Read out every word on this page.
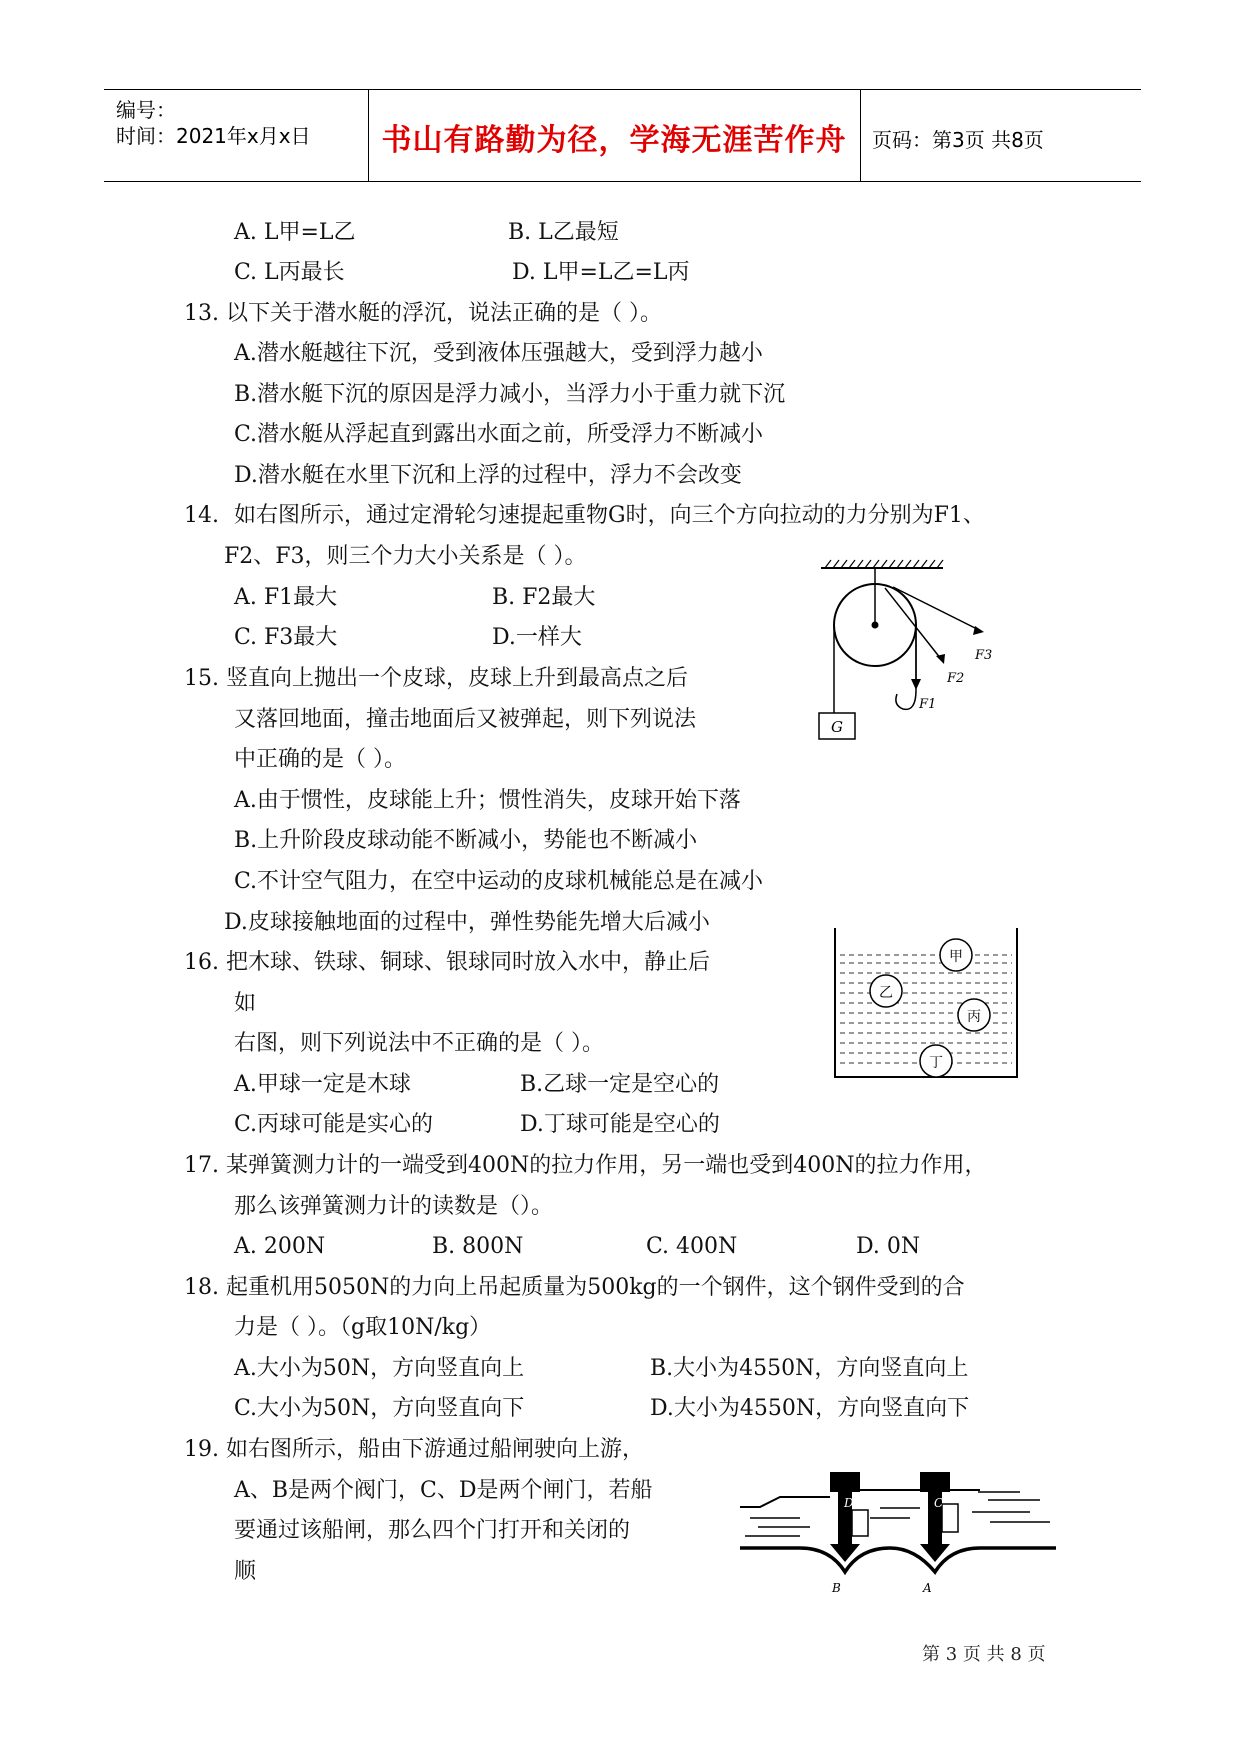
编号：
时间：2021年x月x日	书山有路勤为径，学海无涯苦作舟	页码：第3页 共8页
A. L甲=L乙	B. L乙最短
C. L丙最长	D. L甲=L乙=L丙
13. 以下关于潜水艇的浮沉，说法正确的是（ ）。
A.潜水艇越往下沉，受到液体压强越大，受到浮力越小
B.潜水艇下沉的原因是浮力减小，当浮力小于重力就下沉
C.潜水艇从浮起直到露出水面之前，所受浮力不断减小
D.潜水艇在水里下沉和上浮的过程中，浮力不会改变
14. 如右图所示，通过定滑轮匀速提起重物G时，向三个方向拉动的力分别为F1、
F2、F3，则三个力大小关系是（ ）。
A. F1最大	B. F2最大
C. F3最大	D.一样大
G
F1
F2
F3
15. 竖直向上抛出一个皮球，皮球上升到最高点之后
又落回地面，撞击地面后又被弹起，则下列说法
中正确的是（ ）。
A.由于惯性，皮球能上升；惯性消失，皮球开始下落
B.上升阶段皮球动能不断减小，势能也不断减小
C.不计空气阻力，在空中运动的皮球机械能总是在减小
D.皮球接触地面的过程中，弹性势能先增大后减小
甲
乙
丙
丁
16. 把木球、铁球、铜球、银球同时放入水中，静止后
如
右图，则下列说法中不正确的是（ ）。
A.甲球一定是木球	B.乙球一定是空心的
C.丙球可能是实心的	D.丁球可能是空心的
17. 某弹簧测力计的一端受到400N的拉力作用，另一端也受到400N的拉力作用，
那么该弹簧测力计的读数是（）。
A. 200N	B. 800N	C. 400N	D. 0N
18. 起重机用5050N的力向上吊起质量为500kg的一个钢件，这个钢件受到的合
力是（ ）。（g取10N/kg）
A.大小为50N，方向竖直向上	B.大小为4550N，方向竖直向上
C.大小为50N，方向竖直向下	D.大小为4550N，方向竖直向下
19. 如右图所示，船由下游通过船闸驶向上游，
A、B是两个阀门，C、D是两个闸门，若船
要通过该船闸，那么四个门打开和关闭的
顺
D	C
B	A
第 3 页 共 8 页
